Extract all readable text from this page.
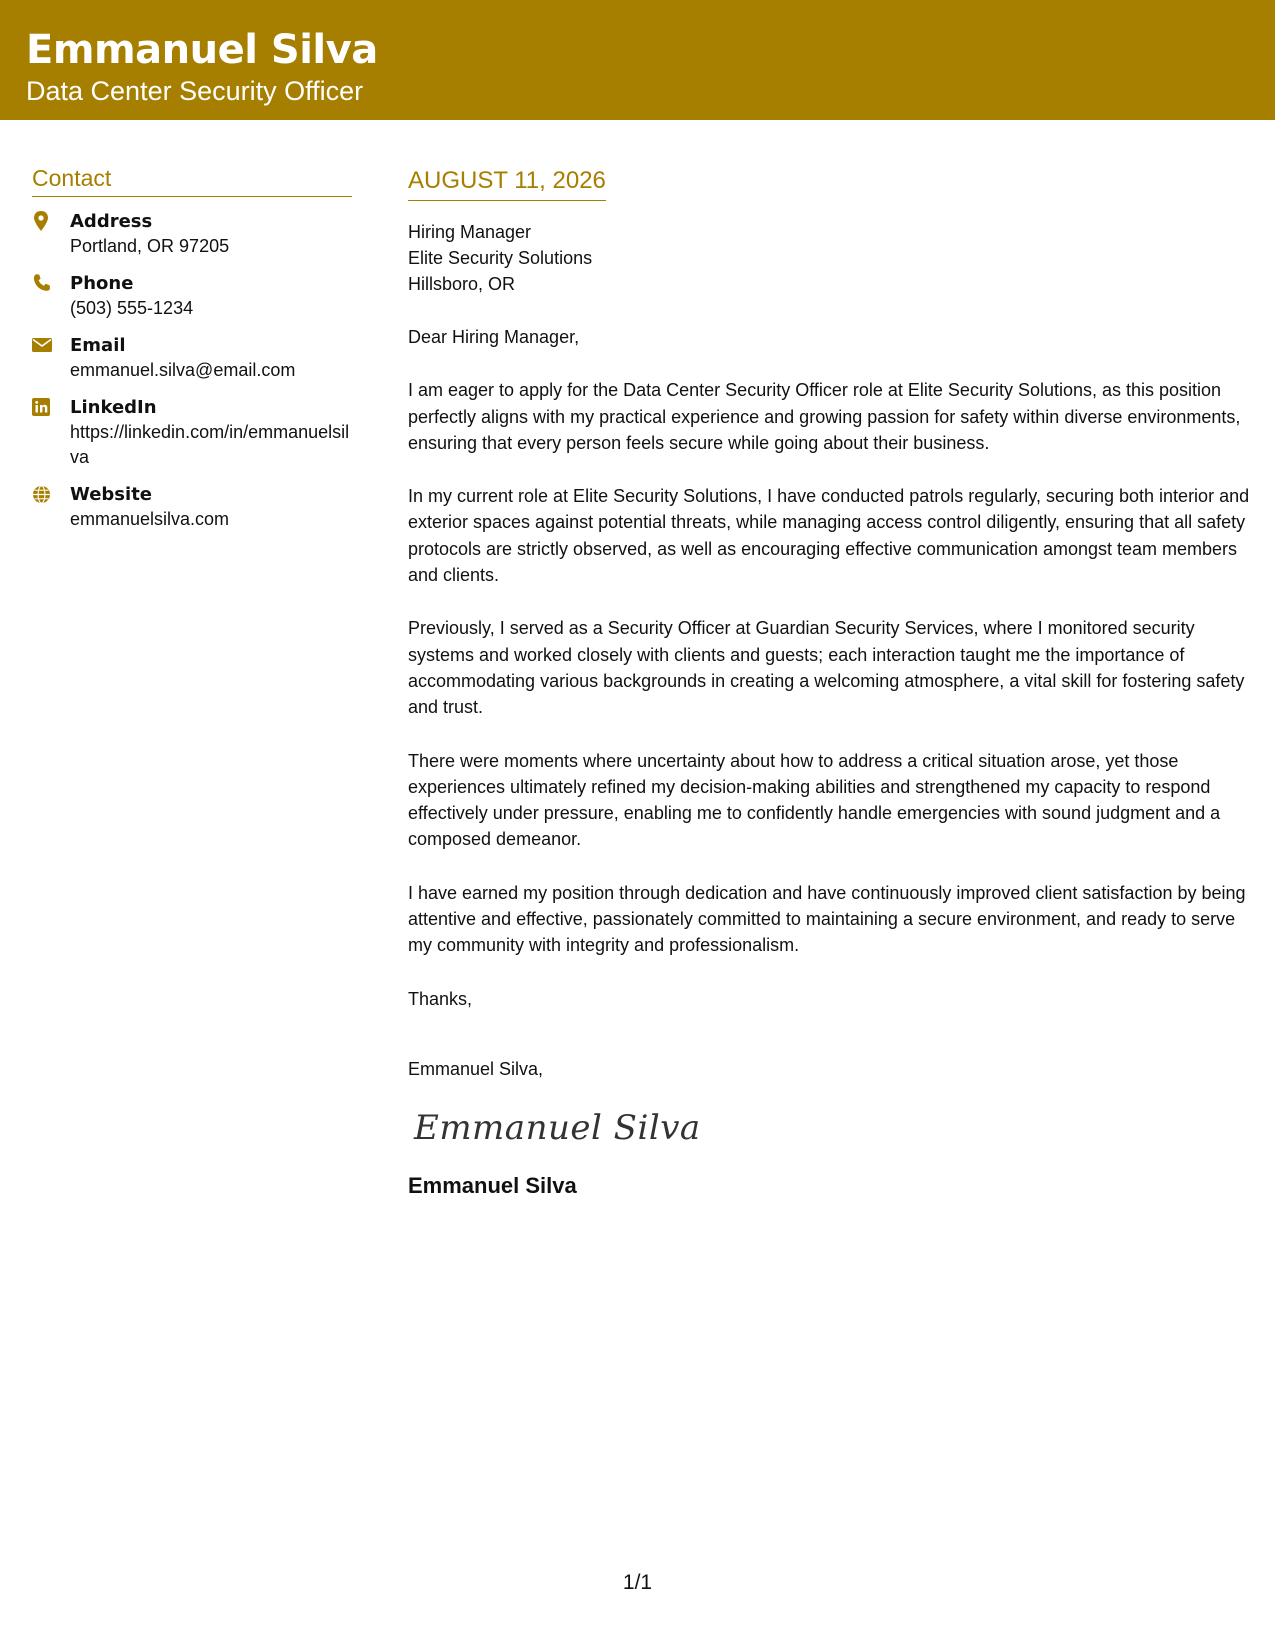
Emmanuel Silva
Data Center Security Officer
Contact
Address
Portland, OR 97205
Phone
(503) 555-1234
Email
emmanuel.silva@email.com
LinkedIn
https://linkedin.com/in/emmanuelsilva
Website
emmanuelsilva.com
AUGUST 11, 2026
Hiring Manager
Elite Security Solutions
Hillsboro, OR

Dear Hiring Manager,

I am eager to apply for the Data Center Security Officer role at Elite Security Solutions, as this position perfectly aligns with my practical experience and growing passion for safety within diverse environments, ensuring that every person feels secure while going about their business.

In my current role at Elite Security Solutions, I have conducted patrols regularly, securing both interior and exterior spaces against potential threats, while managing access control diligently, ensuring that all safety protocols are strictly observed, as well as encouraging effective communication amongst team members and clients.

Previously, I served as a Security Officer at Guardian Security Services, where I monitored security systems and worked closely with clients and guests; each interaction taught me the importance of accommodating various backgrounds in creating a welcoming atmosphere, a vital skill for fostering safety and trust.

There were moments where uncertainty about how to address a critical situation arose, yet those experiences ultimately refined my decision-making abilities and strengthened my capacity to respond effectively under pressure, enabling me to confidently handle emergencies with sound judgment and a composed demeanor.

I have earned my position through dedication and have continuously improved client satisfaction by being attentive and effective, passionately committed to maintaining a secure environment, and ready to serve my community with integrity and professionalism.

Thanks,
Emmanuel Silva,
Emmanuel Silva
Emmanuel Silva
1/1
